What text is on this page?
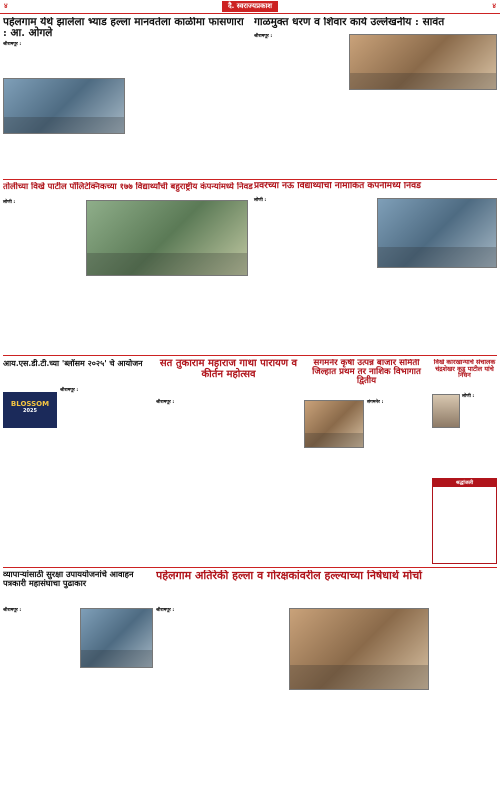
४	दै. स्वराज्यप्रकाश	४
पहेलगाम येथे झालेला भ्याड हल्ला मानवतेला काळीमा फासणारा : आ. ओगले
श्रीरामपूर :
गाळमुक्त धरण व शिवार कार्य उल्लेखनीय : सावंत
श्रीरामपूर :
तोलीच्या विखे पाटील पॉलिटेक्निकच्या १७७ विद्यार्थ्यांची बहुराष्ट्रीय कंपन्यांमध्ये निवड
लोणी :
प्रवरेच्या नऊ विद्यार्थ्यांची नामांकित कंपनीमध्ये निवड
लोणी :
आय.एस.डी.टी.च्या 'ब्लॉसम २०२५' चे आयोजन
BLOSSOM
2025
श्रीरामपूर :
संत तुकाराम महाराज गाथा पारायण व कीर्तन महोत्सव
श्रीरामपूर :
संगमनेर कृषी उत्पन्न बाजार समिती जिल्हात प्रथम तर नाशिक विभागात द्वितीय
संगमनेर :
विखे कारखान्याचे संचालक चंद्रशेखर कडू पाटील यांचे निधन
लोणी :
श्रद्धांजली
व्यापाऱ्यांसाठी सुरक्षा उपाययोजनांचे आवाहन पत्रकारी महासंघाचा पुढाकार
श्रीरामपूर :
पहेलगाम अतिरेकी हल्ला व गोरक्षकांवरील हल्ल्याच्या निषेधार्थ मोर्चा
श्रीरामपूर :
